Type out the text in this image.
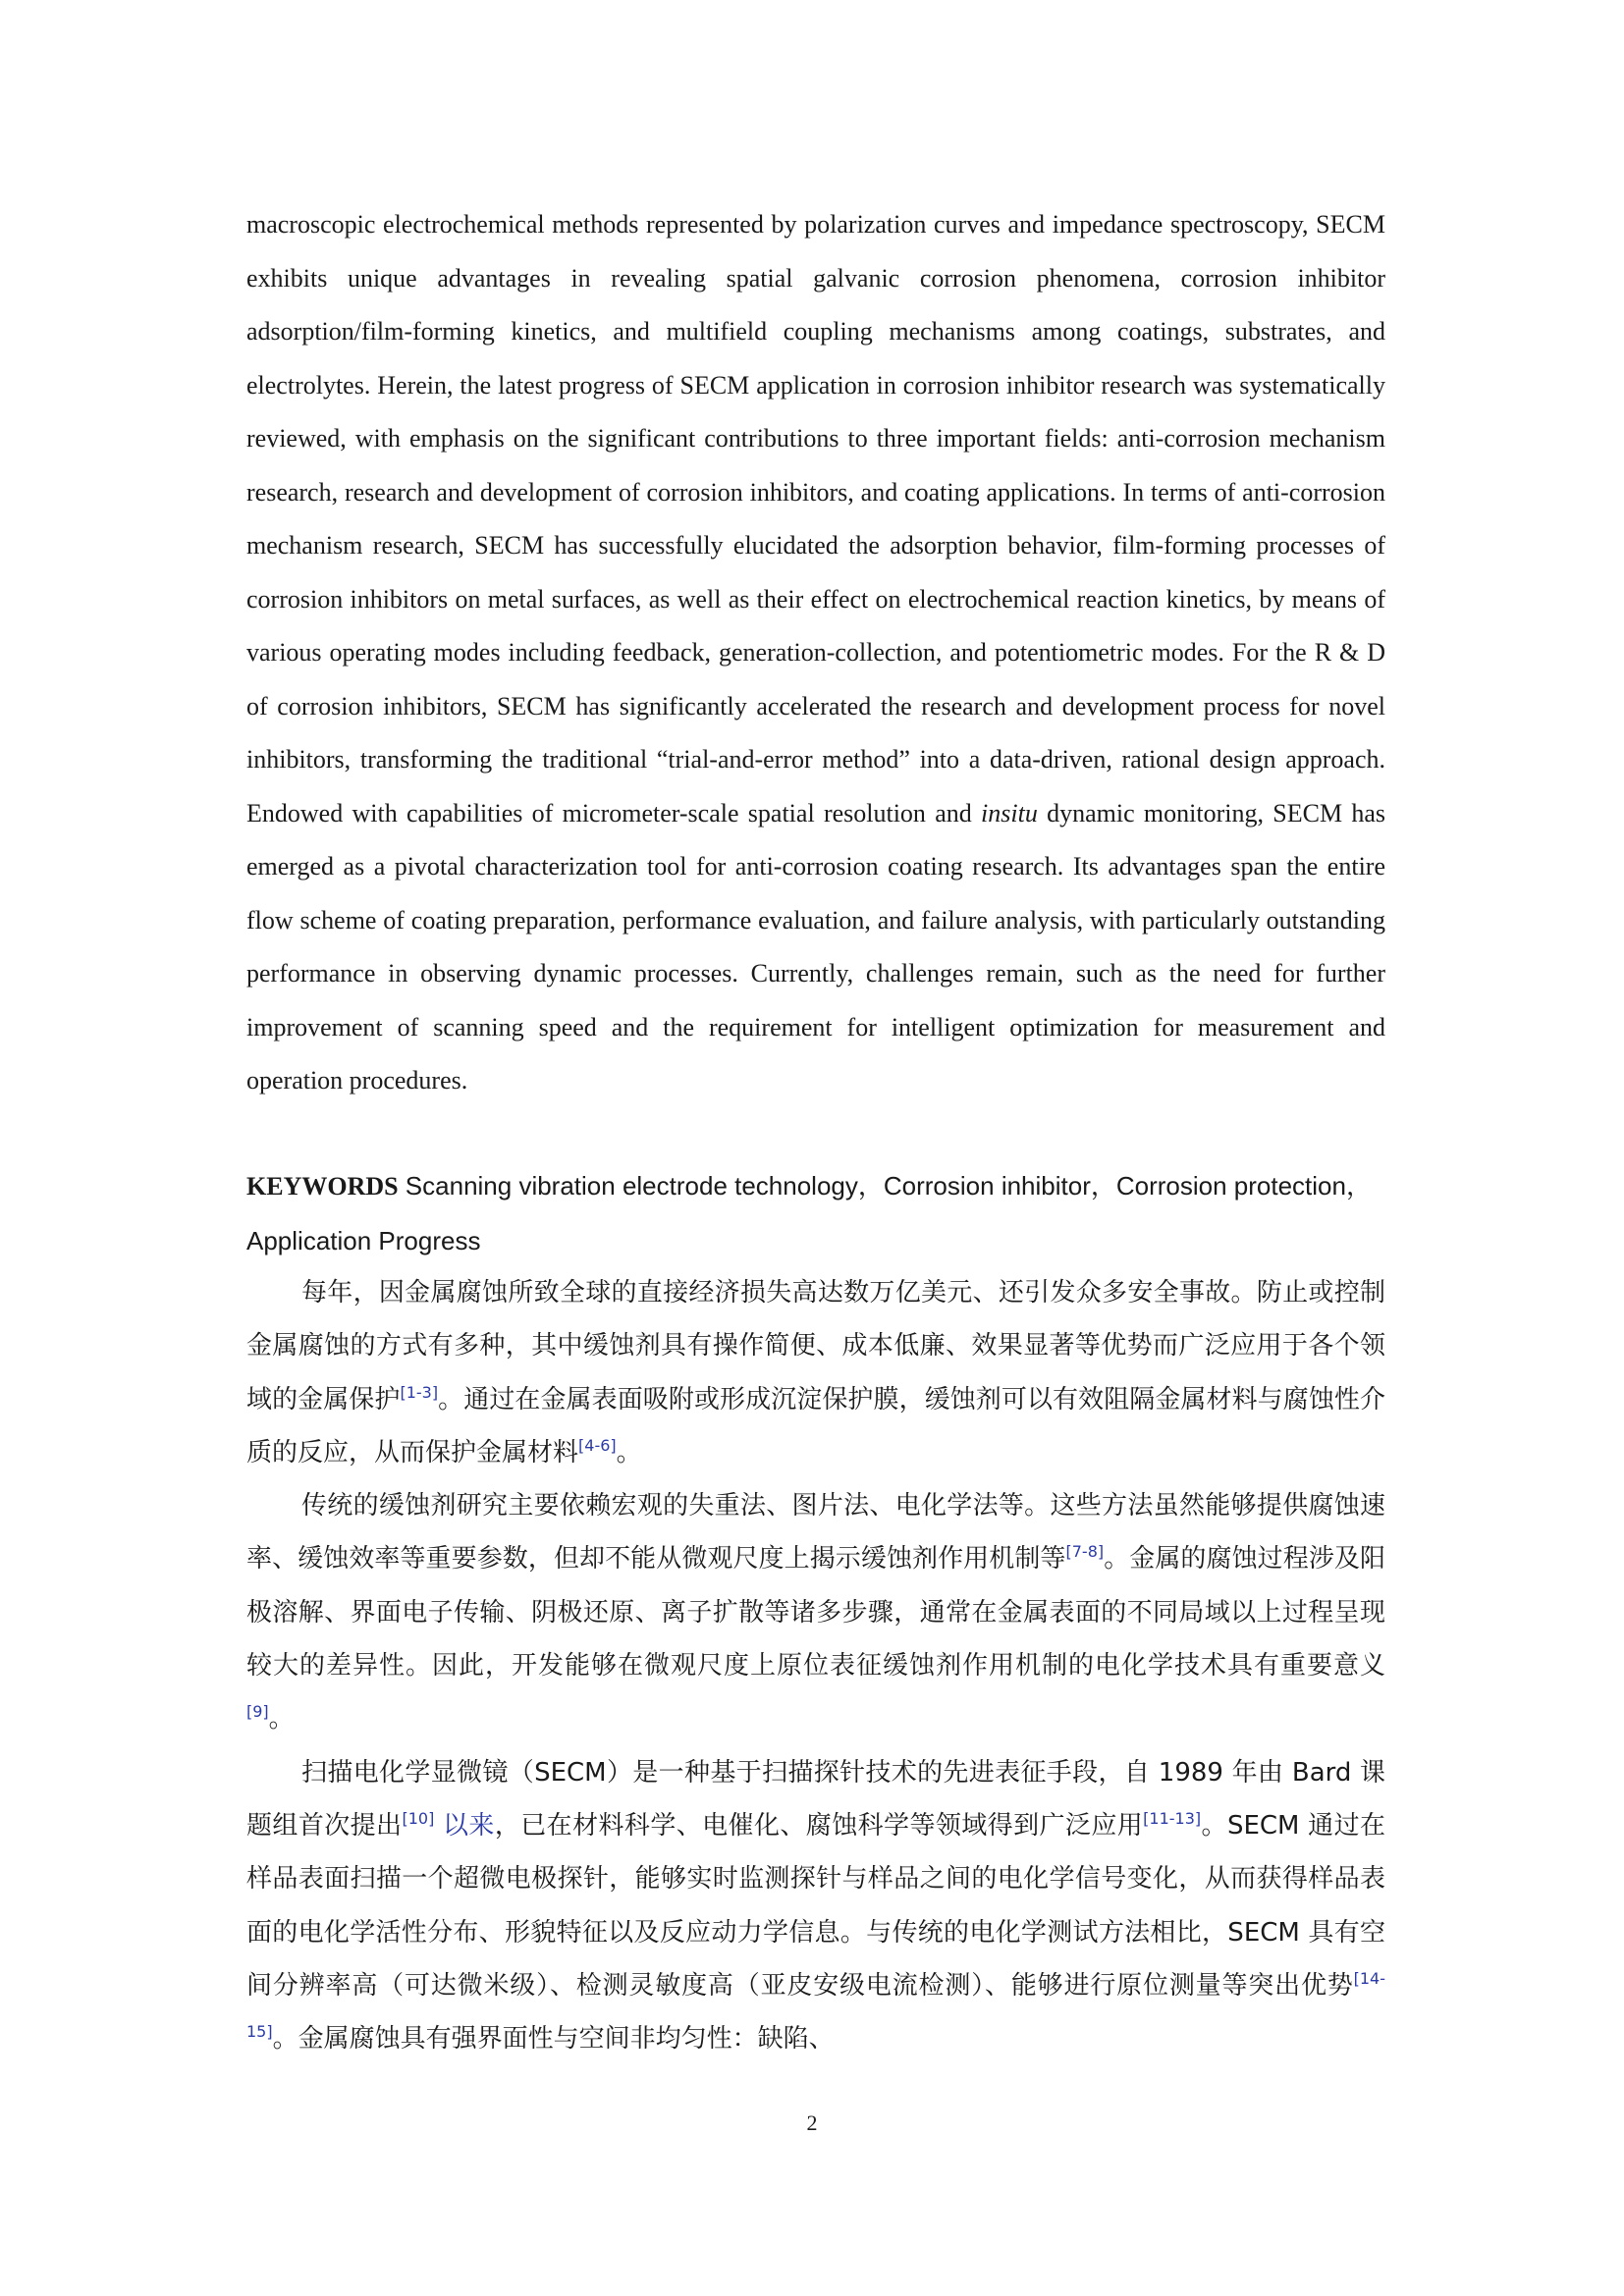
macroscopic electrochemical methods represented by polarization curves and impedance spectroscopy, SECM exhibits unique advantages in revealing spatial galvanic corrosion phenomena, corrosion inhibitor adsorption/film-forming kinetics, and multifield coupling mechanisms among coatings, substrates, and electrolytes. Herein, the latest progress of SECM application in corrosion inhibitor research was systematically reviewed, with emphasis on the significant contributions to three important fields: anti-corrosion mechanism research, research and development of corrosion inhibitors, and coating applications. In terms of anti-corrosion mechanism research, SECM has successfully elucidated the adsorption behavior, film-forming processes of corrosion inhibitors on metal surfaces, as well as their effect on electrochemical reaction kinetics, by means of various operating modes including feedback, generation-collection, and potentiometric modes. For the R & D of corrosion inhibitors, SECM has significantly accelerated the research and development process for novel inhibitors, transforming the traditional “trial-and-error method” into a data-driven, rational design approach. Endowed with capabilities of micrometer-scale spatial resolution and insitu dynamic monitoring, SECM has emerged as a pivotal characterization tool for anti-corrosion coating research. Its advantages span the entire flow scheme of coating preparation, performance evaluation, and failure analysis, with particularly outstanding performance in observing dynamic processes. Currently, challenges remain, such as the need for further improvement of scanning speed and the requirement for intelligent optimization for measurement and operation procedures.

KEYWORDS Scanning vibration electrode technology，Corrosion inhibitor，Corrosion protection，Application Progress

每年，因金属腐蚀所致全球的直接经济损失高达数万亿美元、还引发众多安全事故。防止或控制金属腐蚀的方式有多种，其中缓蚀剂具有操作简便、成本低廉、效果显著等优势而广泛应用于各个领域的金属保护[1-3]。通过在金属表面吸附或形成沉淀保护膜，缓蚀剂可以有效阻隔金属材料与腐蚀性介质的反应，从而保护金属材料[4-6]。

传统的缓蚀剂研究主要依赖宏观的失重法、图片法、电化学法等。这些方法虽然能够提供腐蚀速率、缓蚀效率等重要参数，但却不能从微观尺度上揭示缓蚀剂作用机制等[7-8]。金属的腐蚀过程涉及阳极溶解、界面电子传输、阴极还原、离子扩散等诸多步骤，通常在金属表面的不同局域以上过程呈现较大的差异性。因此，开发能够在微观尺度上原位表征缓蚀剂作用机制的电化学技术具有重要意义[9]。

扫描电化学显微镜（SECM）是一种基于扫描探针技术的先进表征手段，自 1989 年由 Bard 课题组首次提出[10] 以来，已在材料科学、电催化、腐蚀科学等领域得到广泛应用[11-13]。SECM 通过在样品表面扫描一个超微电极探针，能够实时监测探针与样品之间的电化学信号变化，从而获得样品表面的电化学活性分布、形貌特征以及反应动力学信息。与传统的电化学测试方法相比，SECM 具有空间分辨率高（可达微米级）、检测灵敏度高（亚皮安级电流检测）、能够进行原位测量等突出优势[14-15]。金属腐蚀具有强界面性与空间非均匀性：缺陷、

2
